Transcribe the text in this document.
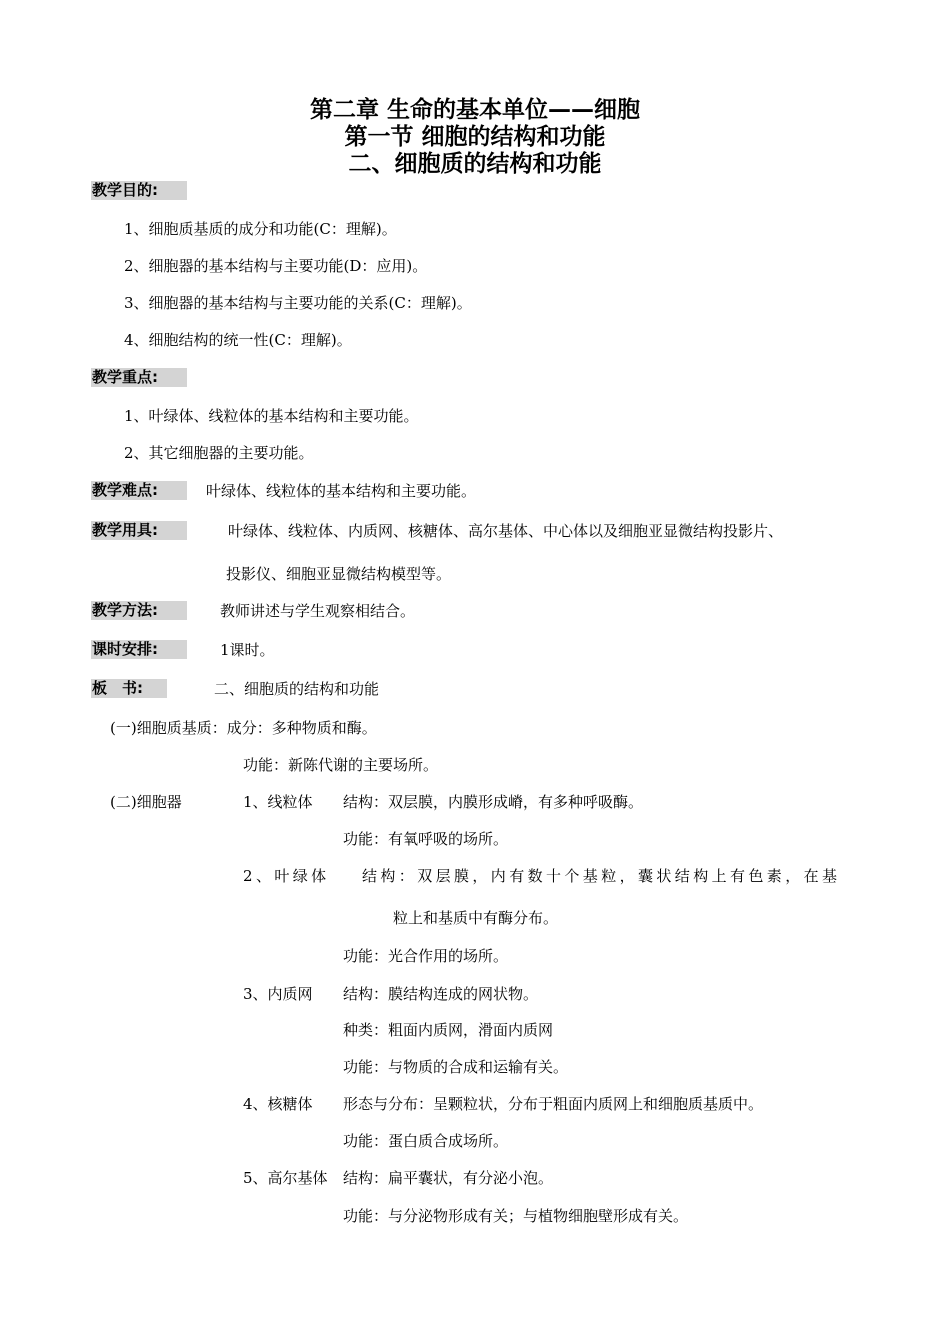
第二章 生命的基本单位——细胞
第一节 细胞的结构和功能
二、细胞质的结构和功能
教学目的:
1、细胞质基质的成分和功能(C：理解)。
2、细胞器的基本结构与主要功能(D：应用)。
3、细胞器的基本结构与主要功能的关系(C：理解)。
4、细胞结构的统一性(C：理解)。
教学重点:
1、叶绿体、线粒体的基本结构和主要功能。
2、其它细胞器的主要功能。
教学难点:	叶绿体、线粒体的基本结构和主要功能。
教学用具:	叶绿体、线粒体、内质网、核糖体、高尔基体、中心体以及细胞亚显微结构投影片、
投影仪、细胞亚显微结构模型等。
教学方法:	教师讲述与学生观察相结合。
课时安排:	1课时。
板　书:	二、细胞质的结构和功能
(一)细胞质基质：成分：多种物质和酶。
功能：新陈代谢的主要场所。
(二)细胞器	1、线粒体 结构：双层膜，内膜形成嵴，有多种呼吸酶。
功能：有氧呼吸的场所。
2、叶绿体 结构：双层膜，内有数十个基粒，囊状结构上有色素，在基
粒上和基质中有酶分布。
功能：光合作用的场所。
3、内质网 结构：膜结构连成的网状物。
种类：粗面内质网，滑面内质网
功能：与物质的合成和运输有关。
4、核糖体 形态与分布：呈颗粒状，分布于粗面内质网上和细胞质基质中。
功能：蛋白质合成场所。
5、高尔基体 结构：扁平囊状，有分泌小泡。
功能：与分泌物形成有关；与植物细胞壁形成有关。
